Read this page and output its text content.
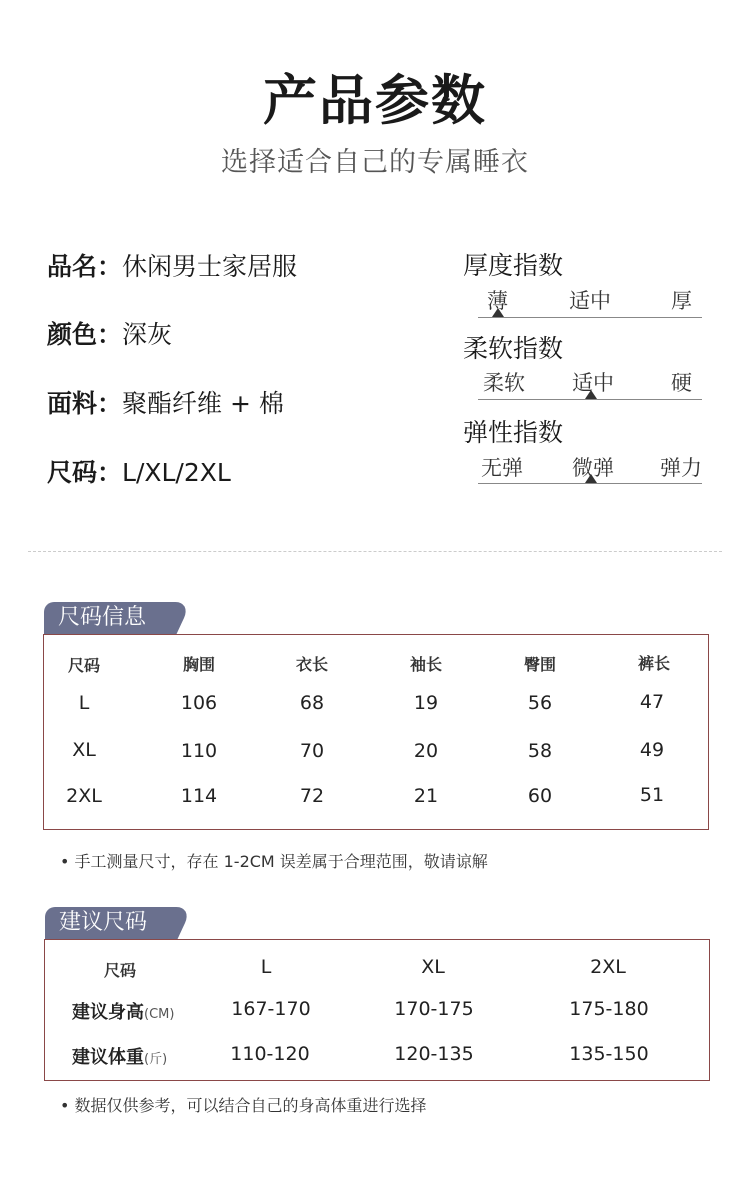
产品参数
选择适合自己的专属睡衣
品名：休闲男士家居服
颜色：深灰
面料：聚酯纤维 + 棉
尺码：L/XL/2XL
厚度指数
薄	适中	厚
柔软指数
柔软 适中	硬
弹性指数
无弹 微弹 弹力
尺码信息
尺码	胸围	衣长	袖长	臀围	裤长
L	106	68	19	56	47
XL	110	70	20	58	49
2XL	114	72	21	60	51
• 手工测量尺寸，存在 1-2CM 误差属于合理范围，敬请谅解
建议尺码
尺码	L	XL	2XL
建议身高(CM)	167-170	170-175	175-180
建议体重(斤)	110-120	120-135	135-150
• 数据仅供参考，可以结合自己的身高体重进行选择
